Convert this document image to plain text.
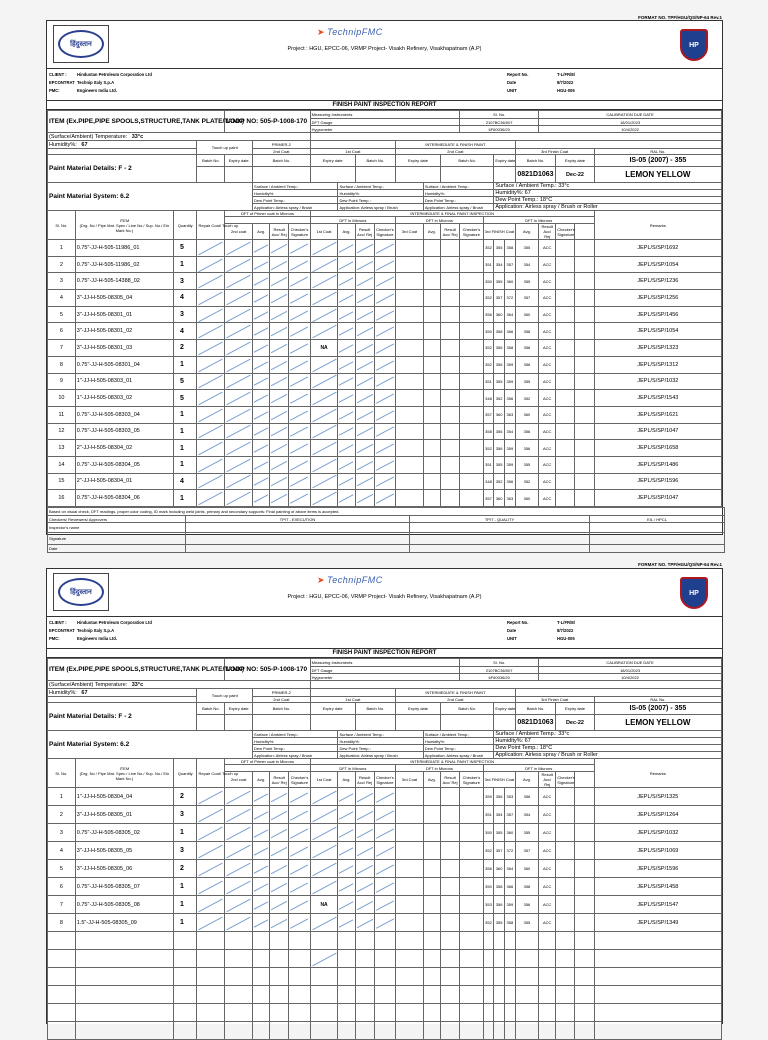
FORMAT NO. TPF/HGU/QS/NP-64 Rev.1
हिंदुस्तान
➤ TechnipFMC
Project : HGU, EPCC-06, VRMP Project- Visakh Refinery, Visakhapatnam (A.P)
HP
CLIENT : Hindustan Petroleum Corporation Ltd
EPCONTRAT Technip Italy S.p.A
PMC:	Engineers India Ltd.
Report No.	T-L/FR/E/
Date	8/7/2022
UNIT	HGU-005
FINISH PAINT INSPECTION REPORT
ITEM (Ex.PIPE,PIPE SPOOLS,STRUCTURE,TANK PLATE/TANK)				LOOP NO: 505-P-1008-170				Measuring Instruments							Sl. No.					CALIBRATION DUE DATE			
								DFT Gauge							2107BC36/007					18/01/2023			
								Hygrometer							6F60036/20					10/4/2022			
(Surface/Ambient) Temperature: 33°c																							
Humidity%: 67			Touch up paint		PRIMER-2							INTERMEDIATE & FINISH PAINT											
					2nd Coat			1st Coat				2nd Coat							3rd Finish Coat				RAL No.
Paint Material Details: F - 2			Batch No.	Expiry date	Batch No.			Expiry date		Batch No.		Expiry date		Batch No.			Expiry date		Batch No.		Expiry date		IS-05 (2007) - 355
																			0821D1063		Dec-22		LEMON YELLOW
Paint Material System: 6.2					Surface / Ambient Temp.:				Surface / Ambient Temp.:				Surface / Ambient Temp.:				Surface / Ambient Temp.: 33°c						
					Humidity%:				Humidity%:				Humidity%:				Humidity%: 67						
					Dew Point Temp.:				Dew Point Temp.:				Dew Point Temp.:				Dew Point Temp.: 18°C						
					Application: Airless spray / Brush				Application: Airless spray / Brush				Application: Airless spray / Brush				Application: Airless spray / Brush or Roller						
Sl. No.	ITEM
(Drg. No / Pipe Mat. Spec./ Line No./ Sup. No./ Ein Mark No.)	Quantity	Repair Coat/ Touch up	DFT of Primer coat in Microns				INTERMEDIATE & FINAL PAINT INSPECTION															Remarks
								DFT in Microns				DFT in Microns				DFT in Microns							
				2nd coat	Avg.	Result Acc/ Rej	Checker's Signature	1st Coat	Avg.	Result Acc/ Rej	Checker's Signature	3rd Coat	Avg.	Result Acc/ Rej	Checker's Signature	3rd FINISH Coat			Avg.	Result Acc/ Rej	Checker's Signature		
1	0.75"-JJ-H-505-11986_01	5														352	355	358	355	ACC			JEPL/S/SP/1692
2	0.75"-JJ-H-505-11986_02	1														351	354	357	354	ACC			JEPL/S/SP/1054
3	0.75"-JJ-H-505-14388_02	3														350	355	360	355	ACC			JEPL/S/SP/1236
4	3"-JJ-H-505-08305_04	4														352	357	372	357	ACC			JEPL/S/SP/1256
5	3"-JJ-H-505-08301_01	3														356	360	364	360	ACC			JEPL/S/SP/1456
6	3"-JJ-H-505-08301_02	4														350	358	366	358	ACC			JEPL/S/SP/1054
7	3"-JJ-H-505-08301_03	2						NA								352	356	358	356	ACC			JEPL/S/SP/1323
8	0.75"-JJ-H-505-08301_04	1														352	356	359	356	ACC			JEPL/S/SP/1312
9	1"-JJ-H-505-08303_01	5														351	355	359	355	ACC			JEPL/S/SP/1032
10	1"-JJ-H-505-08303_02	5														348	352	356	352	ACC			JEPL/S/SP/1543
11	0.75"-JJ-H-505-08303_04	1														357	360	363	360	ACC			JEPL/S/SP/1621
12	0.75"-JJ-H-505-08303_05	1														358	356	354	356	ACC			JEPL/S/SP/1047
13	2"-JJ-H-505-08304_02	1														352	356	359	356	ACC			JEPL/S/SP/1658
14	0.75"-JJ-H-505-08304_05	1														351	355	359	355	ACC			JEPL/S/SP/1486
15	2"-JJ-H-505-08304_01	4														348	352	356	352	ACC			JEPL/S/SP/1596
16	0.75"-JJ-H-505-08304_06	1														357	360	363	360	ACC			JEPL/S/SP/1047
Based on visual check, DFT readings, proper color coding, ID mark including weld joints, primary and secondary supports: Final painting of above items is accepted.			
Checkers/ Reviewers/ Approvers	TPIT - EXECUTION	TPIT - QUALITY	EIL / HPCL
Inspector's name			
Signature			
Date			
FORMAT NO. TPF/HGU/QS/NP-64 Rev.1
हिंदुस्तान
➤ TechnipFMC
Project : HGU, EPCC-06, VRMP Project- Visakh Refinery, Visakhapatnam (A.P)
HP
CLIENT : Hindustan Petroleum Corporation Ltd
EPCONTRAT Technip Italy S.p.A
PMC:	Engineers India Ltd.
Report No.	T-L/FR/E/
Date	8/7/2022
UNIT	HGU-005
FINISH PAINT INSPECTION REPORT
ITEM (Ex.PIPE,PIPE SPOOLS,STRUCTURE,TANK PLATE/TANK)				LOOP NO: 505-P-1008-170				Measuring Instruments							Sl. No.					CALIBRATION DUE DATE			
								DFT Gauge							2107BC36/007					18/01/2023			
								Hygrometer							6F60036/20					10/4/2022			
(Surface/Ambient) Temperature: 33°c																							
Humidity%: 67			Touch up paint		PRIMER-2							INTERMEDIATE & FINISH PAINT											
					2nd Coat			1st Coat				2nd Coat							3rd Finish Coat				RAL No.
Paint Material Details: F - 2			Batch No.	Expiry date	Batch No.			Expiry date		Batch No.		Expiry date		Batch No.			Expiry date		Batch No.		Expiry date		IS-05 (2007) - 355
																			0821D1063		Dec-22		LEMON YELLOW
Paint Material System: 6.2					Surface / Ambient Temp.:				Surface / Ambient Temp.:				Surface / Ambient Temp.:				Surface / Ambient Temp.: 33°c						
					Humidity%:				Humidity%:				Humidity%:				Humidity%: 67						
					Dew Point Temp.:				Dew Point Temp.:				Dew Point Temp.:				Dew Point Temp.: 18°C						
					Application: Airless spray / Brush				Application: Airless spray / Brush				Application: Airless spray / Brush				Application: Airless spray / Brush or Roller						
Sl. No.	ITEM
(Drg. No / Pipe Mat. Spec./ Line No./ Sup. No./ Ein Mark No.)	Quantity	Repair Coat/ Touch up	DFT of Primer coat in Microns				INTERMEDIATE & FINAL PAINT INSPECTION															Remarks
								DFT in Microns				DFT in Microns				DFT in Microns							
				2nd coat	Avg.	Result Acc/ Rej	Checker's Signature	1st Coat	Avg.	Result Acc/ Rej	Checker's Signature	3rd Coat	Avg.	Result Acc/ Rej	Checker's Signature	3rd FINISH Coat			Avg.	Result Acc/ Rej	Checker's Signature		
1	1"-JJ-H-505-08304_04	2														359	356	353	356	ACC			JEPL/S/SP/1325
2	3"-JJ-H-505-08305_01	3														351	354	357	354	ACC			JEPL/S/SP/1264
3	0.75"-JJ-H-505-08305_02	1														350	355	360	355	ACC			JEPL/S/SP/1032
4	3"-JJ-H-505-08305_05	3														352	357	372	357	ACC			JEPL/S/SP/1069
5	3"-JJ-H-505-08305_06	2														356	360	364	360	ACC			JEPL/S/SP/1596
6	0.75"-JJ-H-505-08305_07	1														350	358	366	358	ACC			JEPL/S/SP/1458
7	0.75"-JJ-H-505-08305_08	1						NA								353	356	359	356	ACC			JEPL/S/SP/1547
8	1.5"-JJ-H-505-08305_09	1														352	355	358	355	ACC			JEPL/S/SP/1349
